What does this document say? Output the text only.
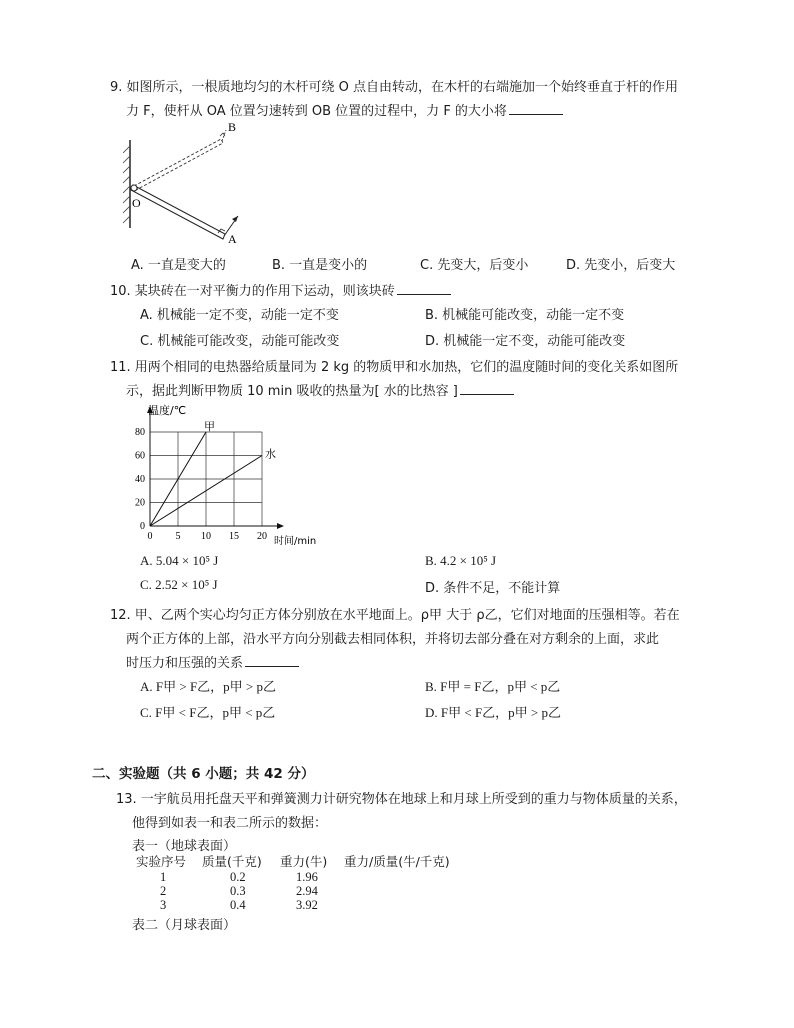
9. 如图所示，一根质地均匀的木杆可绕 O 点自由转动，在木杆的右端施加一个始终垂直于杆的作用
力 F，使杆从 OA 位置匀速转到 OB 位置的过程中，力 F 的大小将
B
O
A
A. 一直是变大的	B. 一直是变小的	C. 先变大，后变小	D. 先变小，后变大
10. 某块砖在一对平衡力的作用下运动，则该块砖
A. 机械能一定不变，动能一定不变	B. 机械能可能改变，动能一定不变
C. 机械能可能改变，动能可能改变	D. 机械能一定不变，动能可能改变
11. 用两个相同的电热器给质量同为 2 kg 的物质甲和水加热，它们的温度随时间的变化关系如图所
示，据此判断甲物质 10 min 吸收的热量为[ 水的比热容 ]
0 5 10 15 20
0
20
40
60
80	甲
水
温度/℃
时间/min
A. 5.04 × 10⁵ J	B. 4.2 × 10⁵ J
C. 2.52 × 10⁵ J	D. 条件不足，不能计算
12. 甲、乙两个实心均匀正方体分别放在水平地面上。ρ甲 大于 ρ乙，它们对地面的压强相等。若在
两个正方体的上部，沿水平方向分别截去相同体积，并将切去部分叠在对方剩余的上面，求此
时压力和压强的关系
A. F甲 > F乙，p甲 > p乙	B. F甲 = F乙，p甲 < p乙
C. F甲 < F乙，p甲 < p乙	D. F甲 < F乙，p甲 > p乙
二、实验题（共 6 小题；共 42 分）
13. 一宇航员用托盘天平和弹簧测力计研究物体在地球上和月球上所受到的重力与物体质量的关系，
他得到如表一和表二所示的数据：
表一（地球表面）
实验序号	质量(千克)	重力(牛)	重力/质量(牛/千克)
1	0.2	1.96	
2	0.3	2.94	
3	0.4	3.92	
表二（月球表面）
